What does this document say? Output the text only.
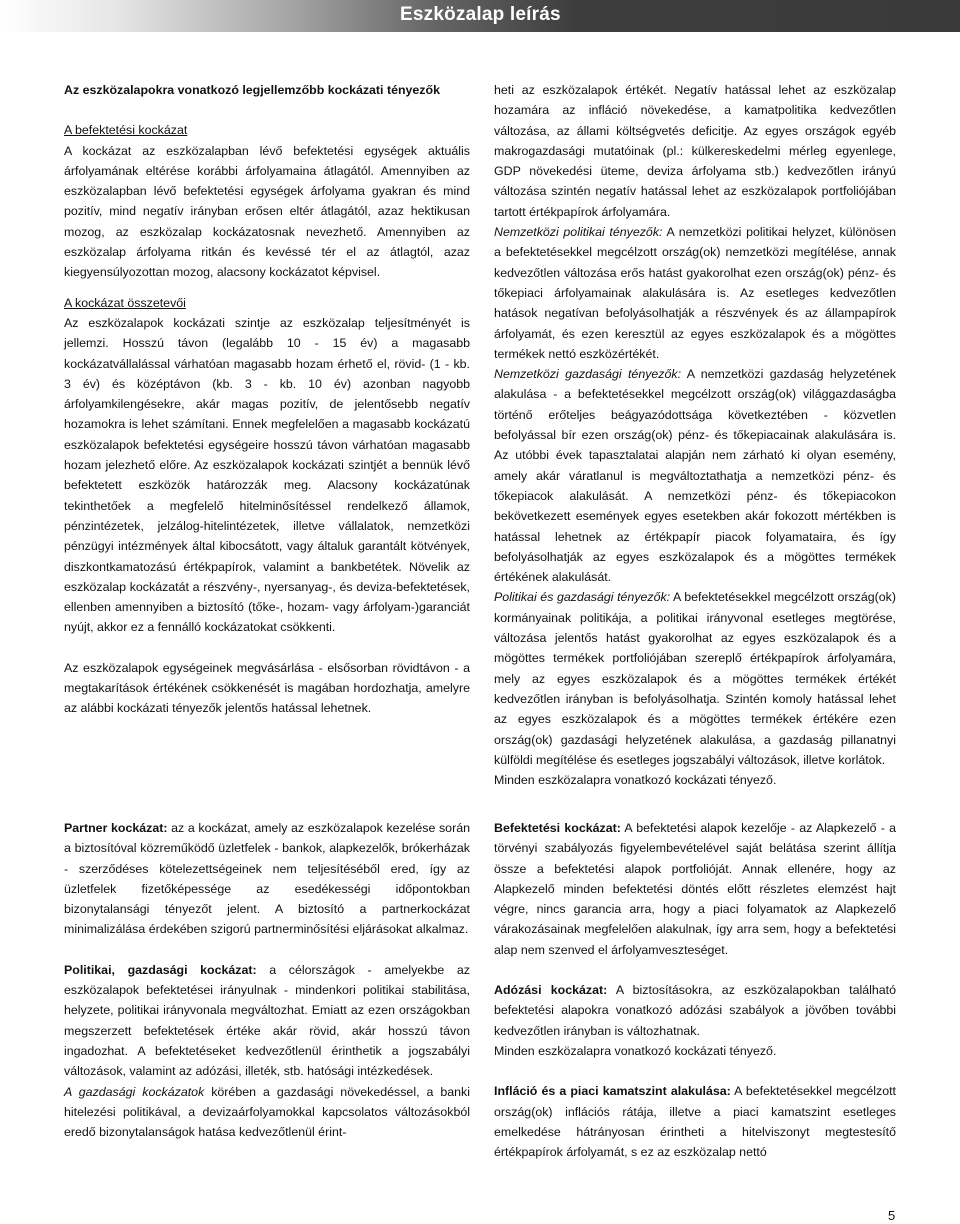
Eszközalap leírás

Az eszközalapokra vonatkozó legjellemzőbb kockázati tényezők

A befektetési kockázat

A kockázat az eszközalapban lévő befektetési egységek aktuális árfolyamának eltérése korábbi árfolyamaina átlagától. Amennyiben az eszközalapban lévő befektetési egységek árfolyama gyakran és mind pozitív, mind negatív irányban erősen eltér átlagától, azaz hektikusan mozog, az eszközalap kockázatosnak nevezhető. Amennyiben az eszközalap árfolyama ritkán és kevéssé tér el az átlagtól, azaz kiegyensúlyozottan mozog, alacsony kockázatot képvisel.

A kockázat összetevői

Az eszközalapok kockázati szintje az eszközalap teljesítményét is jellemzi. Hosszú távon (legalább 10 - 15 év) a magasabb kockázatvállalással várhatóan magasabb hozam érhető el, rövid- (1 - kb. 3 év) és középtávon (kb. 3 - kb. 10 év) azonban nagyobb árfolyamkilengésekre, akár magas pozitív, de jelentősebb negatív hozamokra is lehet számítani. Ennek megfelelően a magasabb kockázatú eszközalapok befektetési egységeire hosszú távon várhatóan magasabb hozam jelezhető előre. Az eszközalapok kockázati szintjét a bennük lévő befektetett eszközök határozzák meg. Alacsony kockázatúnak tekinthetőek a megfelelő hitelminősítéssel rendelkező államok, pénzintézetek, jelzálog-hitelintézetek, illetve vállalatok, nemzetközi pénzügyi intézmények által kibocsátott, vagy általuk garantált kötvények, diszkontkamatozású értékpapírok, valamint a bankbetétek. Növelik az eszközalap kockázatát a részvény-, nyersanyag-, és deviza-befektetések, ellenben amennyiben a biztosító (tőke-, hozam- vagy árfolyam-)garanciát nyújt, akkor ez a fennálló kockázatokat csökkenti.

Az eszközalapok egységeinek megvásárlása - elsősorban rövidtávon - a megtakarítások értékének csökkenését is magában hordozhatja, amelyre az alábbi kockázati tényezők jelentős hatással lehetnek.

heti az eszközalapok értékét. Negatív hatással lehet az eszközalap hozamára az infláció növekedése, a kamatpolitika kedvezőtlen változása, az állami költségvetés deficitje. Az egyes országok egyéb makrogazdasági mutatóinak (pl.: külkereskedelmi mérleg egyenlege, GDP növekedési üteme, deviza árfolyama stb.) kedvezőtlen irányú változása szintén negatív hatással lehet az eszközalapok portfoliójában tartott értékpapírok árfolyamára.

Nemzetközi politikai tényezők: A nemzetközi politikai helyzet, különösen a befektetésekkel megcélzott ország(ok) nemzetközi megítélése, annak kedvezőtlen változása erős hatást gyakorolhat ezen ország(ok) pénz- és tőkepiaci árfolyamainak alakulására is. Az esetleges kedvezőtlen hatások negatívan befolyásolhatják a részvények és az állampapírok árfolyamát, és ezen keresztül az egyes eszközalapok és a mögöttes termékek nettó eszközértékét.

Nemzetközi gazdasági tényezők: A nemzetközi gazdaság helyzetének alakulása - a befektetésekkel megcélzott ország(ok) világgazdaságba történő erőteljes beágyazódottsága következtében - közvetlen befolyással bír ezen ország(ok) pénz- és tőkepiacainak alakulására is. Az utóbbi évek tapasztalatai alapján nem zárható ki olyan esemény, amely akár váratlanul is megváltoztathatja a nemzetközi pénz- és tőkepiacok alakulását. A nemzetközi pénz- és tőkepiacokon bekövetkezett események egyes esetekben akár fokozott mértékben is hatással lehetnek az értékpapír piacok folyamataira, és így befolyásolhatják az egyes eszközalapok és a mögöttes termékek értékének alakulását.

Politikai és gazdasági tényezők: A befektetésekkel megcélzott ország(ok) kormányainak politikája, a politikai irányvonal esetleges megtörése, változása jelentős hatást gyakorolhat az egyes eszközalapok és a mögöttes termékek portfoliójában szereplő értékpapírok árfolyamára, mely az egyes eszközalapok és a mögöttes termékek értékét kedvezőtlen irányban is befolyásolhatja. Szintén komoly hatással lehet az egyes eszközalapok és a mögöttes termékek értékére ezen ország(ok) gazdasági helyzetének alakulása, a gazdaság pillanatnyi külföldi megítélése és esetleges jogszabályi változások, illetve korlátok.

Minden eszközalapra vonatkozó kockázati tényező.

Partner kockázat: az a kockázat, amely az eszközalapok kezelése során a biztosítóval közreműködő üzletfelek - bankok, alapkezelők, brókerházak - szerződéses kötelezettségeinek nem teljesítéséből ered, így az üzletfelek fizetőképessége az esedékességi időpontokban bizonytalansági tényezőt jelent. A biztosító a partnerkockázat minimalizálása érdekében szigorú partnerminősítési eljárásokat alkalmaz.

Politikai, gazdasági kockázat: a célországok - amelyekbe az eszközalapok befektetései irányulnak - mindenkori politikai stabilitása, helyzete, politikai irányvonala megváltozhat. Emiatt az ezen országokban megszerzett befektetések értéke akár rövid, akár hosszú távon ingadozhat. A befektetéseket kedvezőtlenül érinthetik a jogszabályi változások, valamint az adózási, illeték, stb. hatósági intézkedések.

A gazdasági kockázatok körében a gazdasági növekedéssel, a banki hitelezési politikával, a devizaárfolyamokkal kapcsolatos változásokból eredő bizonytalanságok hatása kedvezőtlenül érint-

Befektetési kockázat: A befektetési alapok kezelője - az Alapkezelő - a törvényi szabályozás figyelembevételével saját belátása szerint állítja össze a befektetési alapok portfolióját. Annak ellenére, hogy az Alapkezelő minden befektetési döntés előtt részletes elemzést hajt végre, nincs garancia arra, hogy a piaci folyamatok az Alapkezelő várakozásainak megfelelően alakulnak, így arra sem, hogy a befektetési alap nem szenved el árfolyamveszteséget.

Adózási kockázat: A biztosításokra, az eszközalapokban található befektetési alapokra vonatkozó adózási szabályok a jövőben további kedvezőtlen irányban is változhatnak.

Minden eszközalapra vonatkozó kockázati tényező.

Infláció és a piaci kamatszint alakulása: A befektetésekkel megcélzott ország(ok) inflációs rátája, illetve a piaci kamatszint esetleges emelkedése hátrányosan érintheti a hitelviszonyt megtestesítő értékpapírok árfolyamát, s ez az eszközalap nettó

5
